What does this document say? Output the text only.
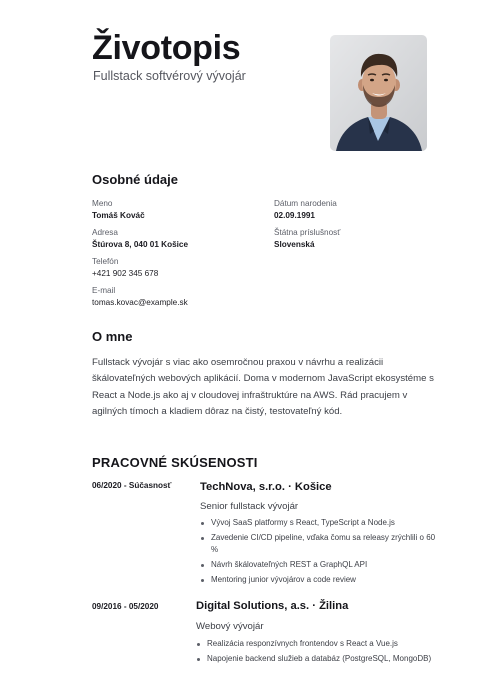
Životopis
Fullstack softvérový vývojár
Osobné údaje
Meno
Tomáš Kováč
Dátum narodenia
02.09.1991
Adresa
Štúrova 8, 040 01 Košice
Štátna príslušnosť
Slovenská
Telefón
+421 902 345 678
E-mail
tomas.kovac@example.sk
O mne
Fullstack vývojár s viac ako osemročnou praxou v návrhu a realizácii škálovateľných webových aplikácií. Doma v modernom JavaScript ekosystéme s React a Node.js ako aj v cloudovej infraštruktúre na AWS. Rád pracujem v agilných tímoch a kladiem dôraz na čistý, testovateľný kód.
PRACOVNÉ SKÚSENOSTI
06/2020 - Súčasnosť	TechNova, s.r.o. · Košice
Senior fullstack vývojár
Vývoj SaaS platformy s React, TypeScript a Node.js
Zavedenie CI/CD pipeline, vďaka čomu sa releasy zrýchlili o 60 %
Návrh škálovateľných REST a GraphQL API
Mentoring junior vývojárov a code review
09/2016 - 05/2020	Digital Solutions, a.s. · Žilina
Webový vývojár
Realizácia responzívnych frontendov s React a Vue.js
Napojenie backend služieb a databáz (PostgreSQL, MongoDB)
